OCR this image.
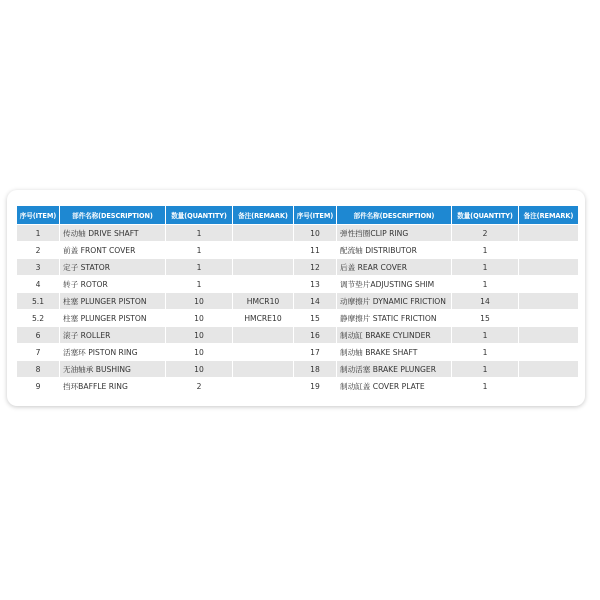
序号(ITEM)	部件名称(DESCRIPTION)	数量(QUANTITY)	备注(REMARK)	序号(ITEM)	部件名称(DESCRIPTION)	数量(QUANTITY)	备注(REMARK)
1	传动轴 DRIVE SHAFT	1		10	弹性挡圈CLIP RING	2	
2	前盖 FRONT COVER	1		11	配流轴 DISTRIBUTOR	1	
3	定子 STATOR	1		12	后盖 REAR COVER	1	
4	转子 ROTOR	1		13	调节垫片ADJUSTING SHIM	1	
5.1	柱塞 PLUNGER PISTON	10	HMCR10	14	动摩擦片 DYNAMIC FRICTION	14	
5.2	柱塞 PLUNGER PISTON	10	HMCRE10	15	静摩擦片 STATIC FRICTION	15	
6	滚子 ROLLER	10		16	制动缸 BRAKE CYLINDER	1	
7	活塞环 PISTON RING	10		17	制动轴 BRAKE SHAFT	1	
8	无油轴承 BUSHING	10		18	制动活塞 BRAKE PLUNGER	1	
9	挡环BAFFLE RING	2		19	制动缸盖 COVER PLATE	1	
